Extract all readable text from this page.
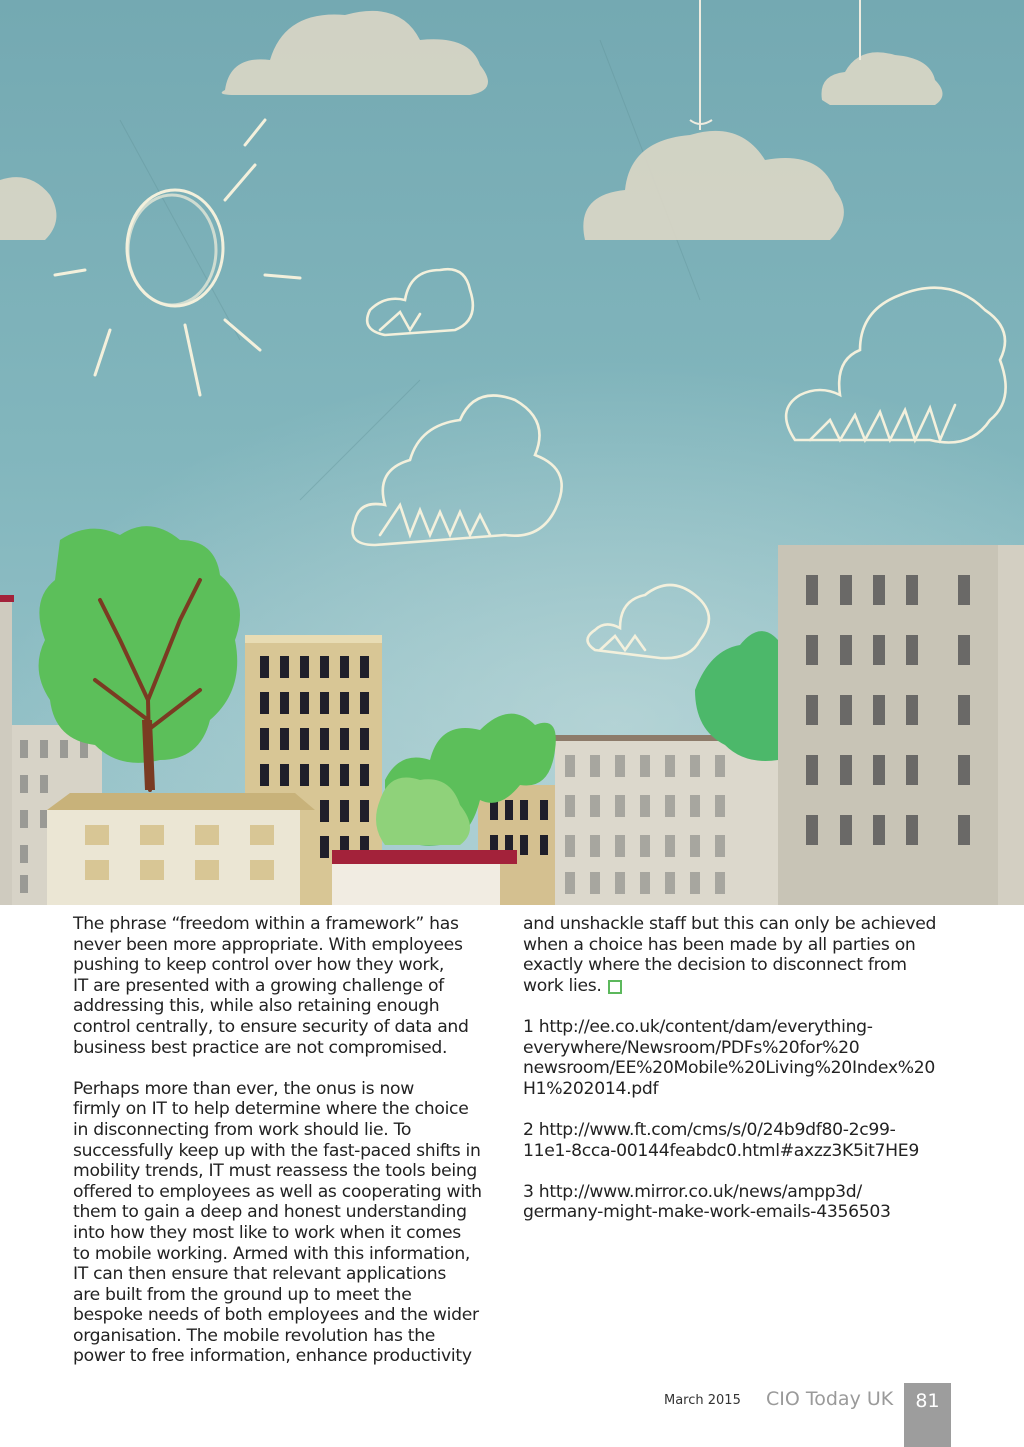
The phrase “freedom within a framework” has
never been more appropriate. With employees
pushing to keep control over how they work,
IT are presented with a growing challenge of
addressing this, while also retaining enough
control centrally, to ensure security of data and
business best practice are not compromised.

Perhaps more than ever, the onus is now
firmly on IT to help determine where the choice
in disconnecting from work should lie. To
successfully keep up with the fast-paced shifts in
mobility trends, IT must reassess the tools being
offered to employees as well as cooperating with
them to gain a deep and honest understanding
into how they most like to work when it comes
to mobile working. Armed with this information,
IT can then ensure that relevant applications
are built from the ground up to meet the
bespoke needs of both employees and the wider
organisation. The mobile revolution has the
power to free information, enhance productivity

and unshackle staff but this can only be achieved
when a choice has been made by all parties on
exactly where the decision to disconnect from
work lies.

1 http://ee.co.uk/content/dam/everything-
everywhere/Newsroom/PDFs%20for%20
newsroom/EE%20Mobile%20Living%20Index%20
H1%202014.pdf

2 http://www.ft.com/cms/s/0/24b9df80-2c99-
11e1-8cca-00144feabdc0.html#axzz3K5it7HE9

3 http://www.mirror.co.uk/news/ampp3d/
germany-might-make-work-emails-4356503

March 2015 CIO Today UK	81
